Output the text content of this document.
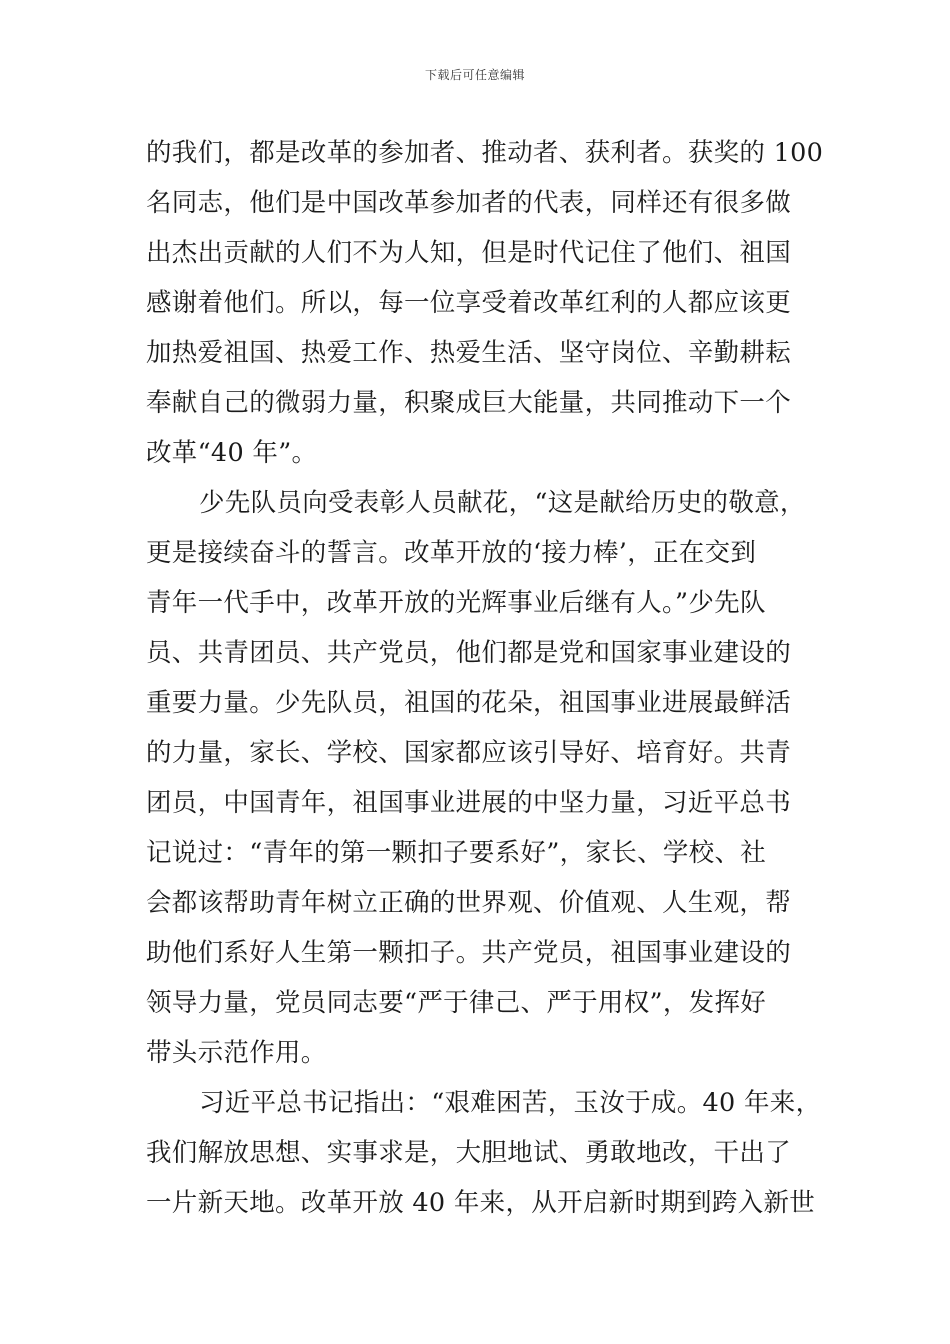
下载后可任意编辑
的我们，都是改革的参加者、推动者、获利者。获奖的 100
名同志，他们是中国改革参加者的代表，同样还有很多做
出杰出贡献的人们不为人知，但是时代记住了他们、祖国
感谢着他们。所以，每一位享受着改革红利的人都应该更
加热爱祖国、热爱工作、热爱生活、坚守岗位、辛勤耕耘
奉献自己的微弱力量，积聚成巨大能量，共同推动下一个
改革“40 年”。
少先队员向受表彰人员献花，“这是献给历史的敬意，
更是接续奋斗的誓言。改革开放的‘接力棒’，正在交到
青年一代手中，改革开放的光辉事业后继有人。”少先队
员、共青团员、共产党员，他们都是党和国家事业建设的
重要力量。少先队员，祖国的花朵，祖国事业进展最鲜活
的力量，家长、学校、国家都应该引导好、培育好。共青
团员，中国青年，祖国事业进展的中坚力量，习近平总书
记说过：“青年的第一颗扣子要系好”，家长、学校、社
会都该帮助青年树立正确的世界观、价值观、人生观，帮
助他们系好人生第一颗扣子。共产党员，祖国事业建设的
领导力量，党员同志要“严于律己、严于用权”，发挥好
带头示范作用。
习近平总书记指出：“艰难困苦，玉汝于成。40 年来，
我们解放思想、实事求是，大胆地试、勇敢地改，干出了
一片新天地。改革开放 40 年来，从开启新时期到跨入新世
